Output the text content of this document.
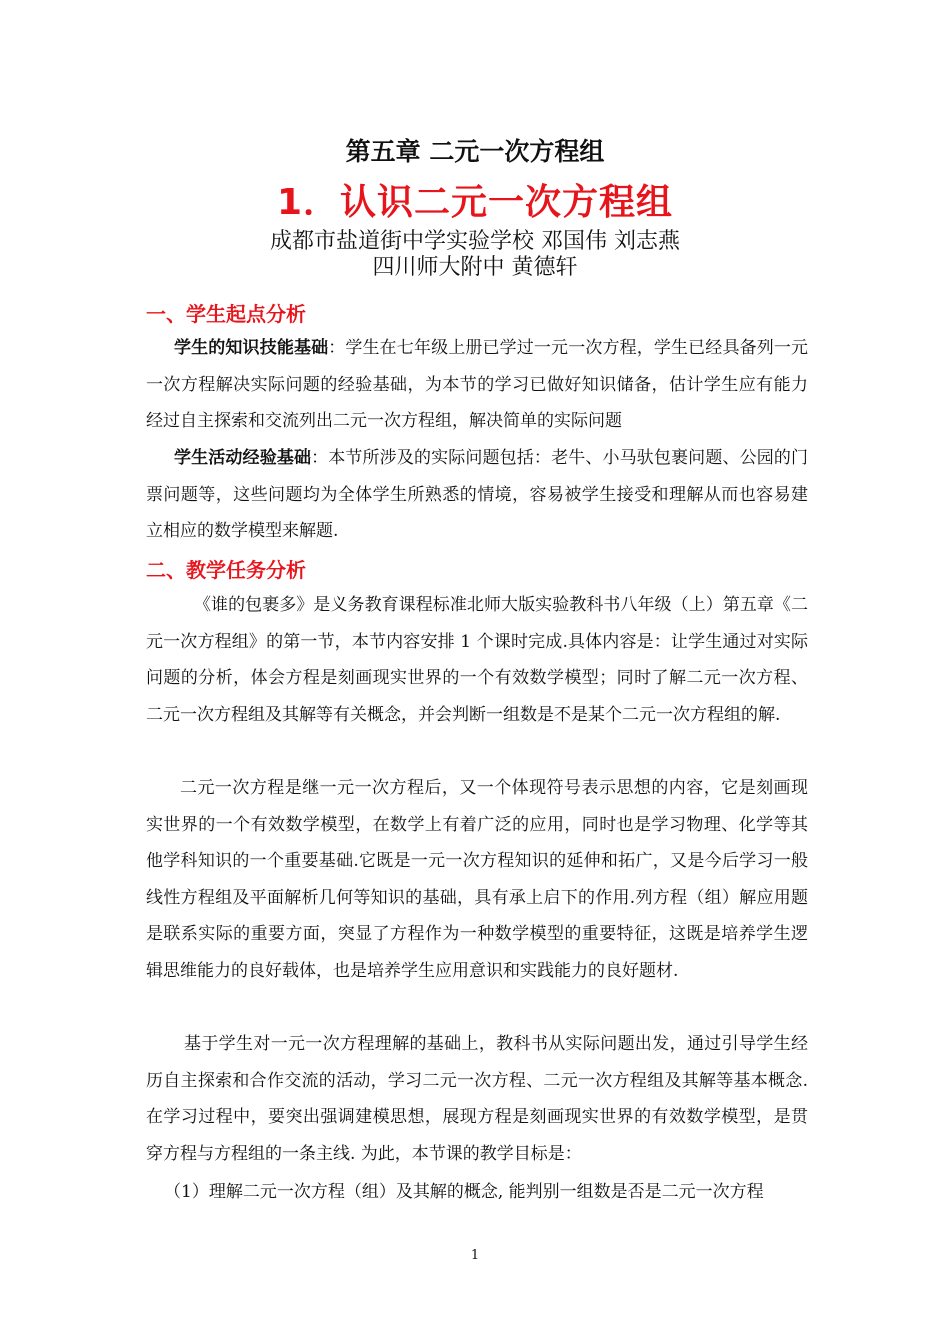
第五章 二元一次方程组
1．认识二元一次方程组
成都市盐道街中学实验学校 邓国伟 刘志燕
四川师大附中 黄德轩
一、学生起点分析
学生的知识技能基础：学生在七年级上册已学过一元一次方程，学生已经具备列一元一次方程解决实际问题的经验基础，为本节的学习已做好知识储备，估计学生应有能力经过自主探索和交流列出二元一次方程组，解决简单的实际问题
学生活动经验基础：本节所涉及的实际问题包括：老牛、小马驮包裹问题、公园的门票问题等，这些问题均为全体学生所熟悉的情境，容易被学生接受和理解从而也容易建立相应的数学模型来解题.
二、教学任务分析
《谁的包裹多》是义务教育课程标准北师大版实验教科书八年级（上）第五章《二元一次方程组》的第一节，本节内容安排 1 个课时完成.具体内容是：让学生通过对实际问题的分析，体会方程是刻画现实世界的一个有效数学模型；同时了解二元一次方程、二元一次方程组及其解等有关概念，并会判断一组数是不是某个二元一次方程组的解.
二元一次方程是继一元一次方程后，又一个体现符号表示思想的内容，它是刻画现实世界的一个有效数学模型，在数学上有着广泛的应用，同时也是学习物理、化学等其他学科知识的一个重要基础.它既是一元一次方程知识的延伸和拓广，又是今后学习一般线性方程组及平面解析几何等知识的基础，具有承上启下的作用.列方程（组）解应用题是联系实际的重要方面，突显了方程作为一种数学模型的重要特征，这既是培养学生逻辑思维能力的良好载体，也是培养学生应用意识和实践能力的良好题材.
基于学生对一元一次方程理解的基础上，教科书从实际问题出发，通过引导学生经历自主探索和合作交流的活动，学习二元一次方程、二元一次方程组及其解等基本概念.在学习过程中，要突出强调建模思想，展现方程是刻画现实世界的有效数学模型，是贯穿方程与方程组的一条主线. 为此，本节课的教学目标是：
（1）理解二元一次方程（组）及其解的概念, 能判别一组数是否是二元一次方程
1
